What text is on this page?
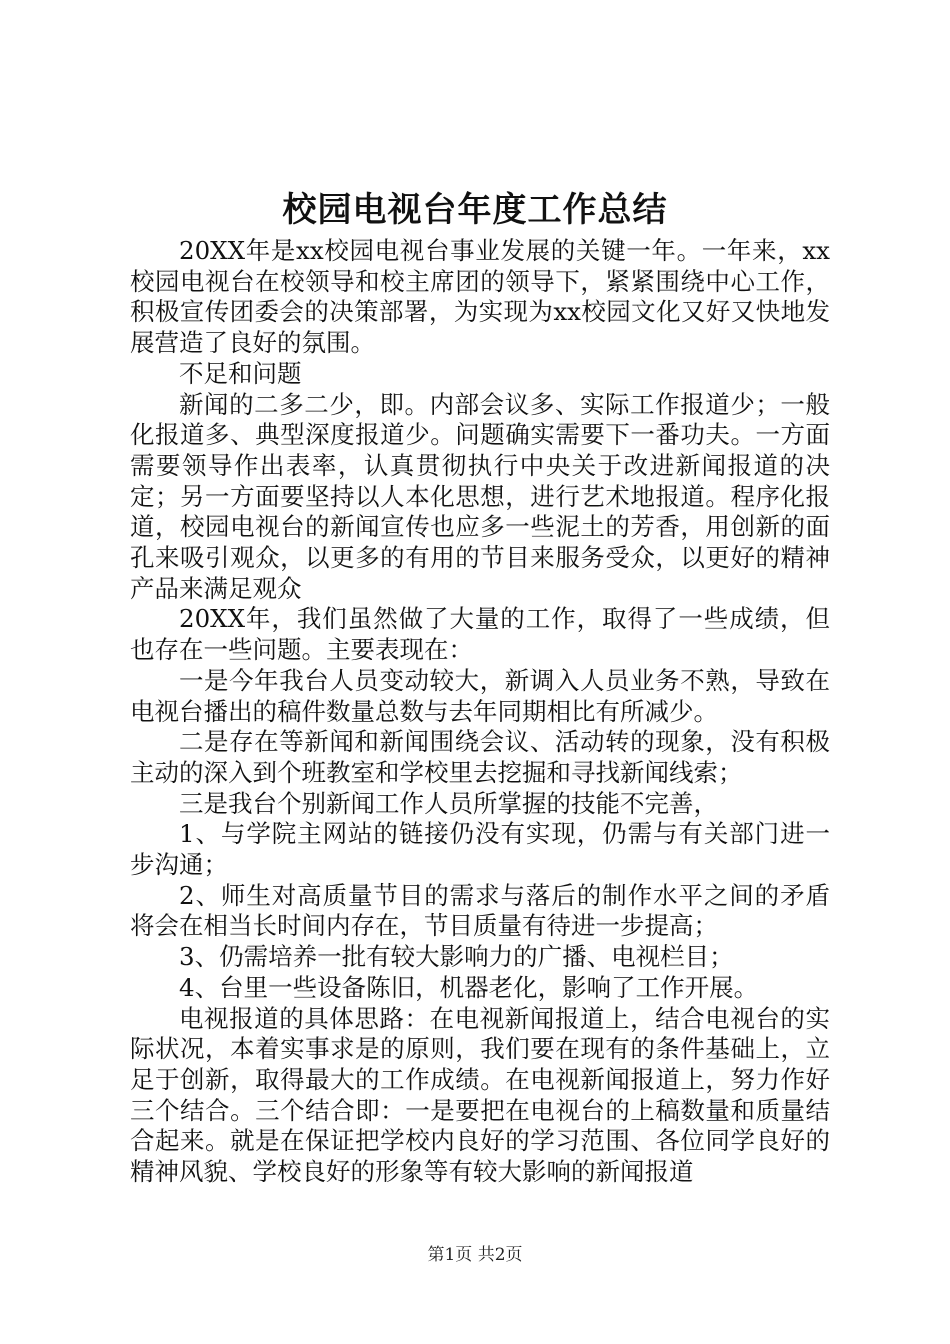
校园电视台年度工作总结

20XX年是xx校园电视台事业发展的关键一年。一年来，xx校园电视台在校领导和校主席团的领导下，紧紧围绕中心工作，积极宣传团委会的决策部署，为实现为xx校园文化又好又快地发展营造了良好的氛围。

不足和问题

新闻的二多二少，即。内部会议多、实际工作报道少；一般化报道多、典型深度报道少。问题确实需要下一番功夫。一方面需要领导作出表率，认真贯彻执行中央关于改进新闻报道的决定；另一方面要坚持以人本化思想，进行艺术地报道。程序化报道，校园电视台的新闻宣传也应多一些泥土的芳香，用创新的面孔来吸引观众，以更多的有用的节目来服务受众，以更好的精神产品来满足观众

20XX年，我们虽然做了大量的工作，取得了一些成绩，但也存在一些问题。主要表现在：

一是今年我台人员变动较大，新调入人员业务不熟，导致在电视台播出的稿件数量总数与去年同期相比有所减少。

二是存在等新闻和新闻围绕会议、活动转的现象，没有积极主动的深入到个班教室和学校里去挖掘和寻找新闻线索；

三是我台个别新闻工作人员所掌握的技能不完善，

1、与学院主网站的链接仍没有实现，仍需与有关部门进一步沟通；

2、师生对高质量节目的需求与落后的制作水平之间的矛盾将会在相当长时间内存在，节目质量有待进一步提高；

3、仍需培养一批有较大影响力的广播、电视栏目；

4、台里一些设备陈旧，机器老化，影响了工作开展。

电视报道的具体思路：在电视新闻报道上，结合电视台的实际状况，本着实事求是的原则，我们要在现有的条件基础上，立足于创新，取得最大的工作成绩。在电视新闻报道上，努力作好三个结合。三个结合即：一是要把在电视台的上稿数量和质量结合起来。就是在保证把学校内良好的学习范围、各位同学良好的精神风貌、学校良好的形象等有较大影响的新闻报道

第1页 共2页
